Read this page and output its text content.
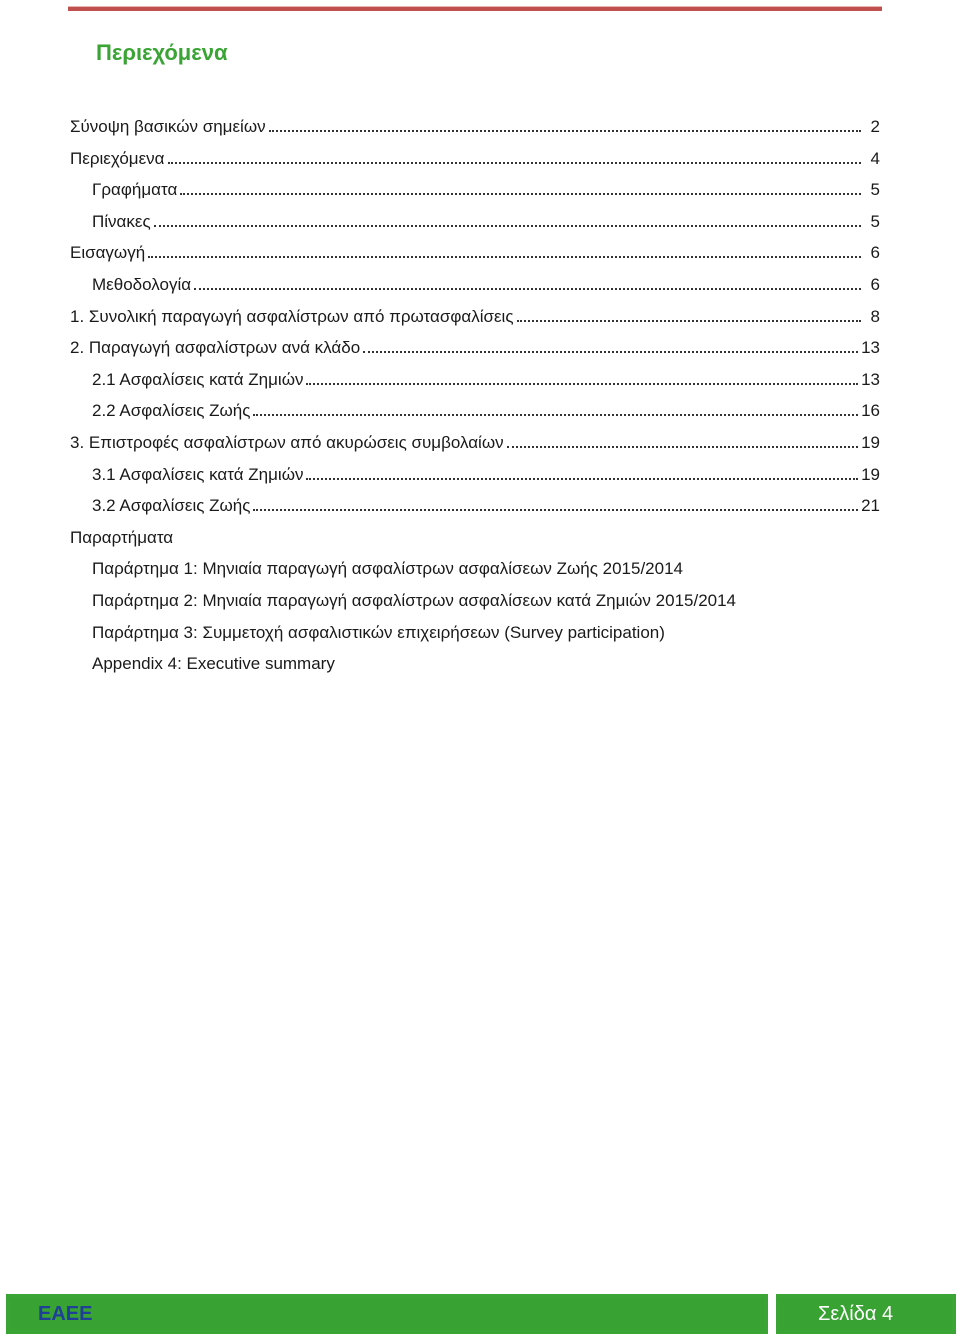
Περιεχόμενα
Σύνοψη βασικών σημείων	2
Περιεχόμενα	4
Γραφήματα	5
Πίνακες	5
Εισαγωγή	6
Μεθοδολογία	6
1. Συνολική παραγωγή ασφαλίστρων από πρωτασφαλίσεις	8
2. Παραγωγή ασφαλίστρων ανά κλάδο	13
2.1 Ασφαλίσεις κατά Ζημιών	13
2.2 Ασφαλίσεις Ζωής	16
3. Επιστροφές ασφαλίστρων από ακυρώσεις συμβολαίων	19
3.1 Ασφαλίσεις κατά Ζημιών	19
3.2 Ασφαλίσεις Ζωής	21
Παραρτήματα
Παράρτημα 1: Μηνιαία παραγωγή ασφαλίστρων ασφαλίσεων Ζωής 2015/2014
Παράρτημα 2: Μηνιαία παραγωγή ασφαλίστρων ασφαλίσεων κατά Ζημιών 2015/2014
Παράρτημα 3: Συμμετοχή ασφαλιστικών επιχειρήσεων (Survey participation)
Appendix 4: Executive summary
ΕΑΕΕ	Σελίδα 4
